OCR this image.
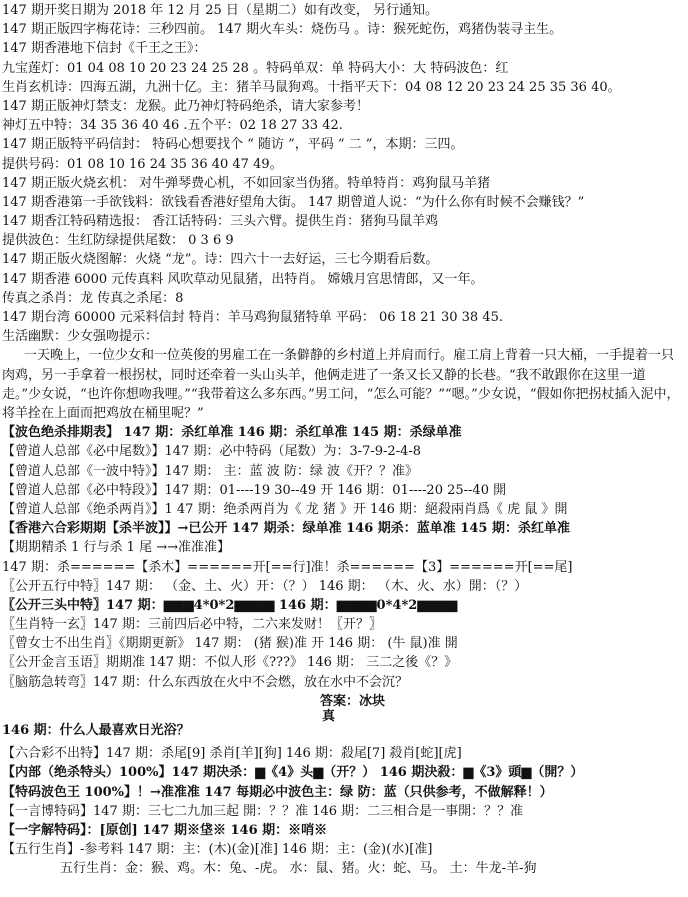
147 期开奖日期为 2018 年 12 月 25 日（星期二）如有改变， 另行通知。
147 期正版四字梅花诗：三秒四前。 147 期火车头：烧伤马 。诗：猴死蛇伤，鸡猪伪装寻主生。
147 期香港地下信封《千王之王》：
九宝莲灯：01 04 08 10 20 23 24 25 28 。特码单双：单 特码大小：大 特码波色：红
生肖玄机诗：四海五湖，九洲十亿。主：猪羊马鼠狗鸡。十指平天下：04 08 12 20 23 24 25 35 36 40。
147 期正版神灯禁支：龙猴。此乃神灯特码绝杀，请大家参考！
神灯五中特：34 35 36 40 46 .五个平：02 18 27 33 42.
147 期正版特平码信封： 特码心想要找个 “ 随访 ”，平码 “ 二 ”，本期：三四。
提供号码：01 08 10 16 24 35 36 40 47 49。
147 期正版火烧玄机： 对牛弹琴费心机，不如回家当伪猪。特单特肖：鸡狗鼠马羊猪
147 期香港第一手欲钱料：欲钱看香港好望角大街。 147 期曾道人说：“为什么你有时候不会赚钱？”
147 期香江特码精选报： 香江话特码：三头六臂。提供生肖：猪狗马鼠羊鸡
提供波色：生红防绿提供尾数： 0 3 6 9
147 期正版火烧图解：火烧 “龙”。诗：四六十一去好运，三七今期看后数。
147 期香港 6000 元传真料 风吹草动见鼠猪，出特肖。 嫦娥月宫思情郎，又一年。
传真之杀肖：龙 传真之杀尾：8
147 期台湾 60000 元采料信封 特肖：羊马鸡狗鼠猪特单 平码： 06 18 21 30 38 45.
生活幽默：少女强吻提示：
一天晚上，一位少女和一位英俊的男雇工在一条僻静的乡村道上并肩而行。雇工肩上背着一只大桶，一手提着一只肉鸡，另一手拿着一根拐杖，同时还牵着一头山头羊，他俩走进了一条又长又静的长巷。“我不敢跟你在这里一道走。”少女说，“也许你想吻我哩。”“我带着这么多东西。”男工问，“怎么可能？”“嗯。”少女说，“假如你把拐杖插入泥中，将羊拴在上面而把鸡放在桶里呢？”
【波色绝杀排期表】 147 期：杀红单准 146 期：杀红单准 145 期：杀绿单准
【曾道人总部《必中尾数》】147 期：必中特码（尾数）为：3-7-9-2-4-8
【曾道人总部《一波中特》】147 期： 主：蓝 波 防：绿 波《开？？准》
【曾道人总部《必中特段》】147 期：01----19 30--49 开 146 期：01----20 25--40 開
【曾道人总部《绝杀两肖》】1 47 期：绝杀两肖为《 龙 猪 》开 146 期：絕殺兩肖爲《 虎 鼠 》開
【香港六合彩期期【杀半波】】→已公开 147 期杀：绿单准 146 期杀：蓝单准 145 期：杀红单准
【期期精杀 1 行与杀 1 尾 →→准准准】
147 期：杀======【杀木】======开[==行]准！杀======【3】======开[==尾]
〖公开五行中特〗147 期： （金、土、火）开：（？） 146 期： （木、火、水）開：（？）
〖公开三头中特〗147 期：▆▆▆4*0*2▆▆▆▆ 146 期：▆▆▆▆0*4*2▆▆▆▆
〖生肖特一玄〗147 期：三前四后必中特，二六来发财！〖开？〗
〖曾女士不出生肖〗《期期更新》 147 期： (猪 猴)准 开 146 期： (牛 鼠)准 開
〖公开金言玉语〗期期准 147 期：不似人形《???》 146 期： 三二之後《？》
〖脑筋急转弯〗147 期：什么东西放在火中不会燃，放在水中不会沉？
答案：冰块
真
146 期：什么人最喜欢日光浴？
【六合彩不出特】147 期：杀尾[9] 杀肖[羊][狗] 146 期：殺尾[7] 殺肖[蛇][虎]
【内部（绝杀特头）100%】147 期决杀：▆《4》头▆（开？） 146 期決殺：▆《3》頭▆（開？）
【特码波色王 100%】！→准准准 147 每期必中波色主：绿 防：蓝（只供参考，不做解释！）
【一言博特码】147 期：三七二九加三起 開：？？准 146 期：二三相合是一事開：？？准
【一字解特码】：[原创] 147 期※垡※ 146 期：※哨※
【五行生肖】-参考料 147 期：主：(木)(金)[准] 146 期：主：(金)(水)[准]
五行生肖：金：猴、鸡。木：兔、-虎。 水：鼠、猪。火：蛇、马。 土：牛龙-羊-狗
